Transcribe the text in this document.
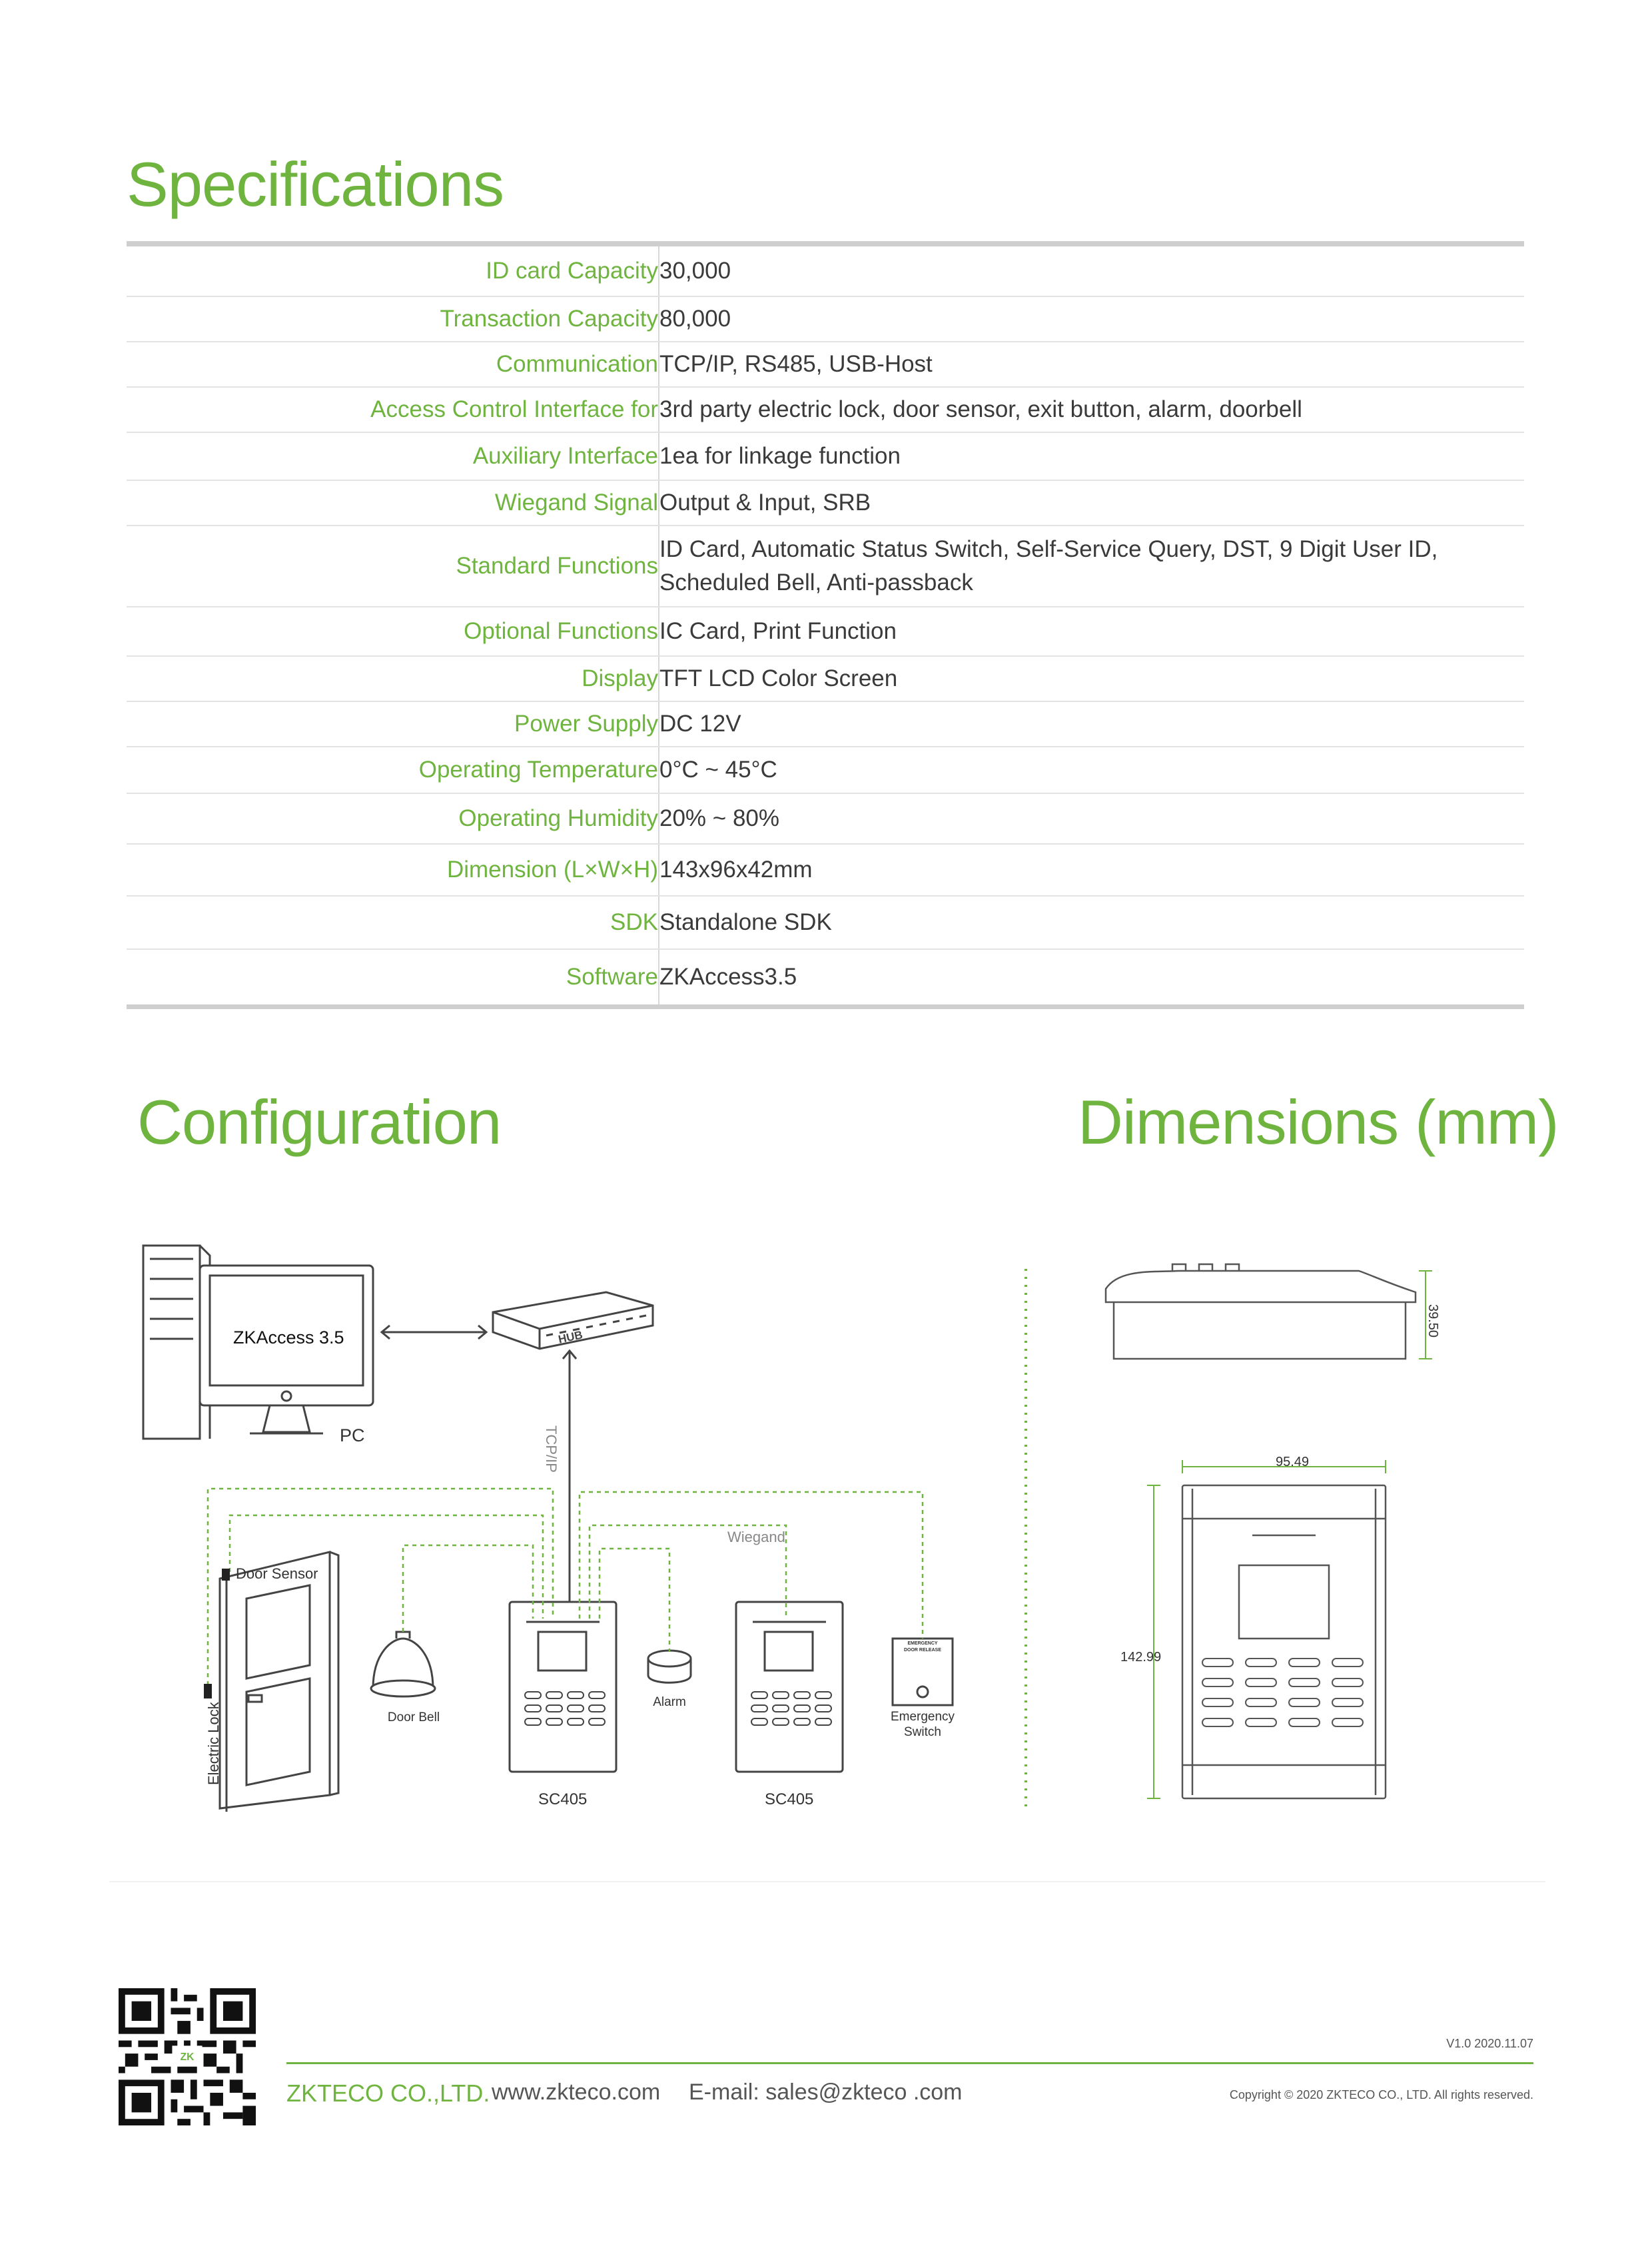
Specifications
Configuration	Dimensions (mm)

ID card Capacity	30,000
Transaction Capacity	80,000
Communication	TCP/IP, RS485, USB-Host
Access Control Interface for	3rd party electric lock, door sensor, exit button, alarm, doorbell
Auxiliary Interface	1ea for linkage function
Wiegand Signal	Output & Input, SRB
Standard Functions	ID Card, Automatic Status Switch, Self-Service Query, DST, 9 Digit User ID, Scheduled Bell, Anti-passback
Optional Functions	IC Card, Print Function
Display	TFT LCD Color Screen
Power Supply	DC 12V
Operating Temperature	0°C ~ 45°C
Operating Humidity	20% ~ 80%
Dimension (L×W×H)	143x96x42mm
SDK	Standalone SDK
Software	ZKAccess3.5
ZKAccess 3.5
PC
HUB
TCP/IP
Wiegand
Door Sensor
Electric Lock	Door Bell
Alarm
EMERGENCY
DOOR RELEASE
Emergency
Switch
SC405	SC405
39.50
95.49
142.99
ZK
V1.0 2020.11.07
ZKTECO CO.,LTD. www.zkteco.com E-mail: sales@zkteco .com	Copyright © 2020 ZKTECO CO., LTD. All rights reserved.
